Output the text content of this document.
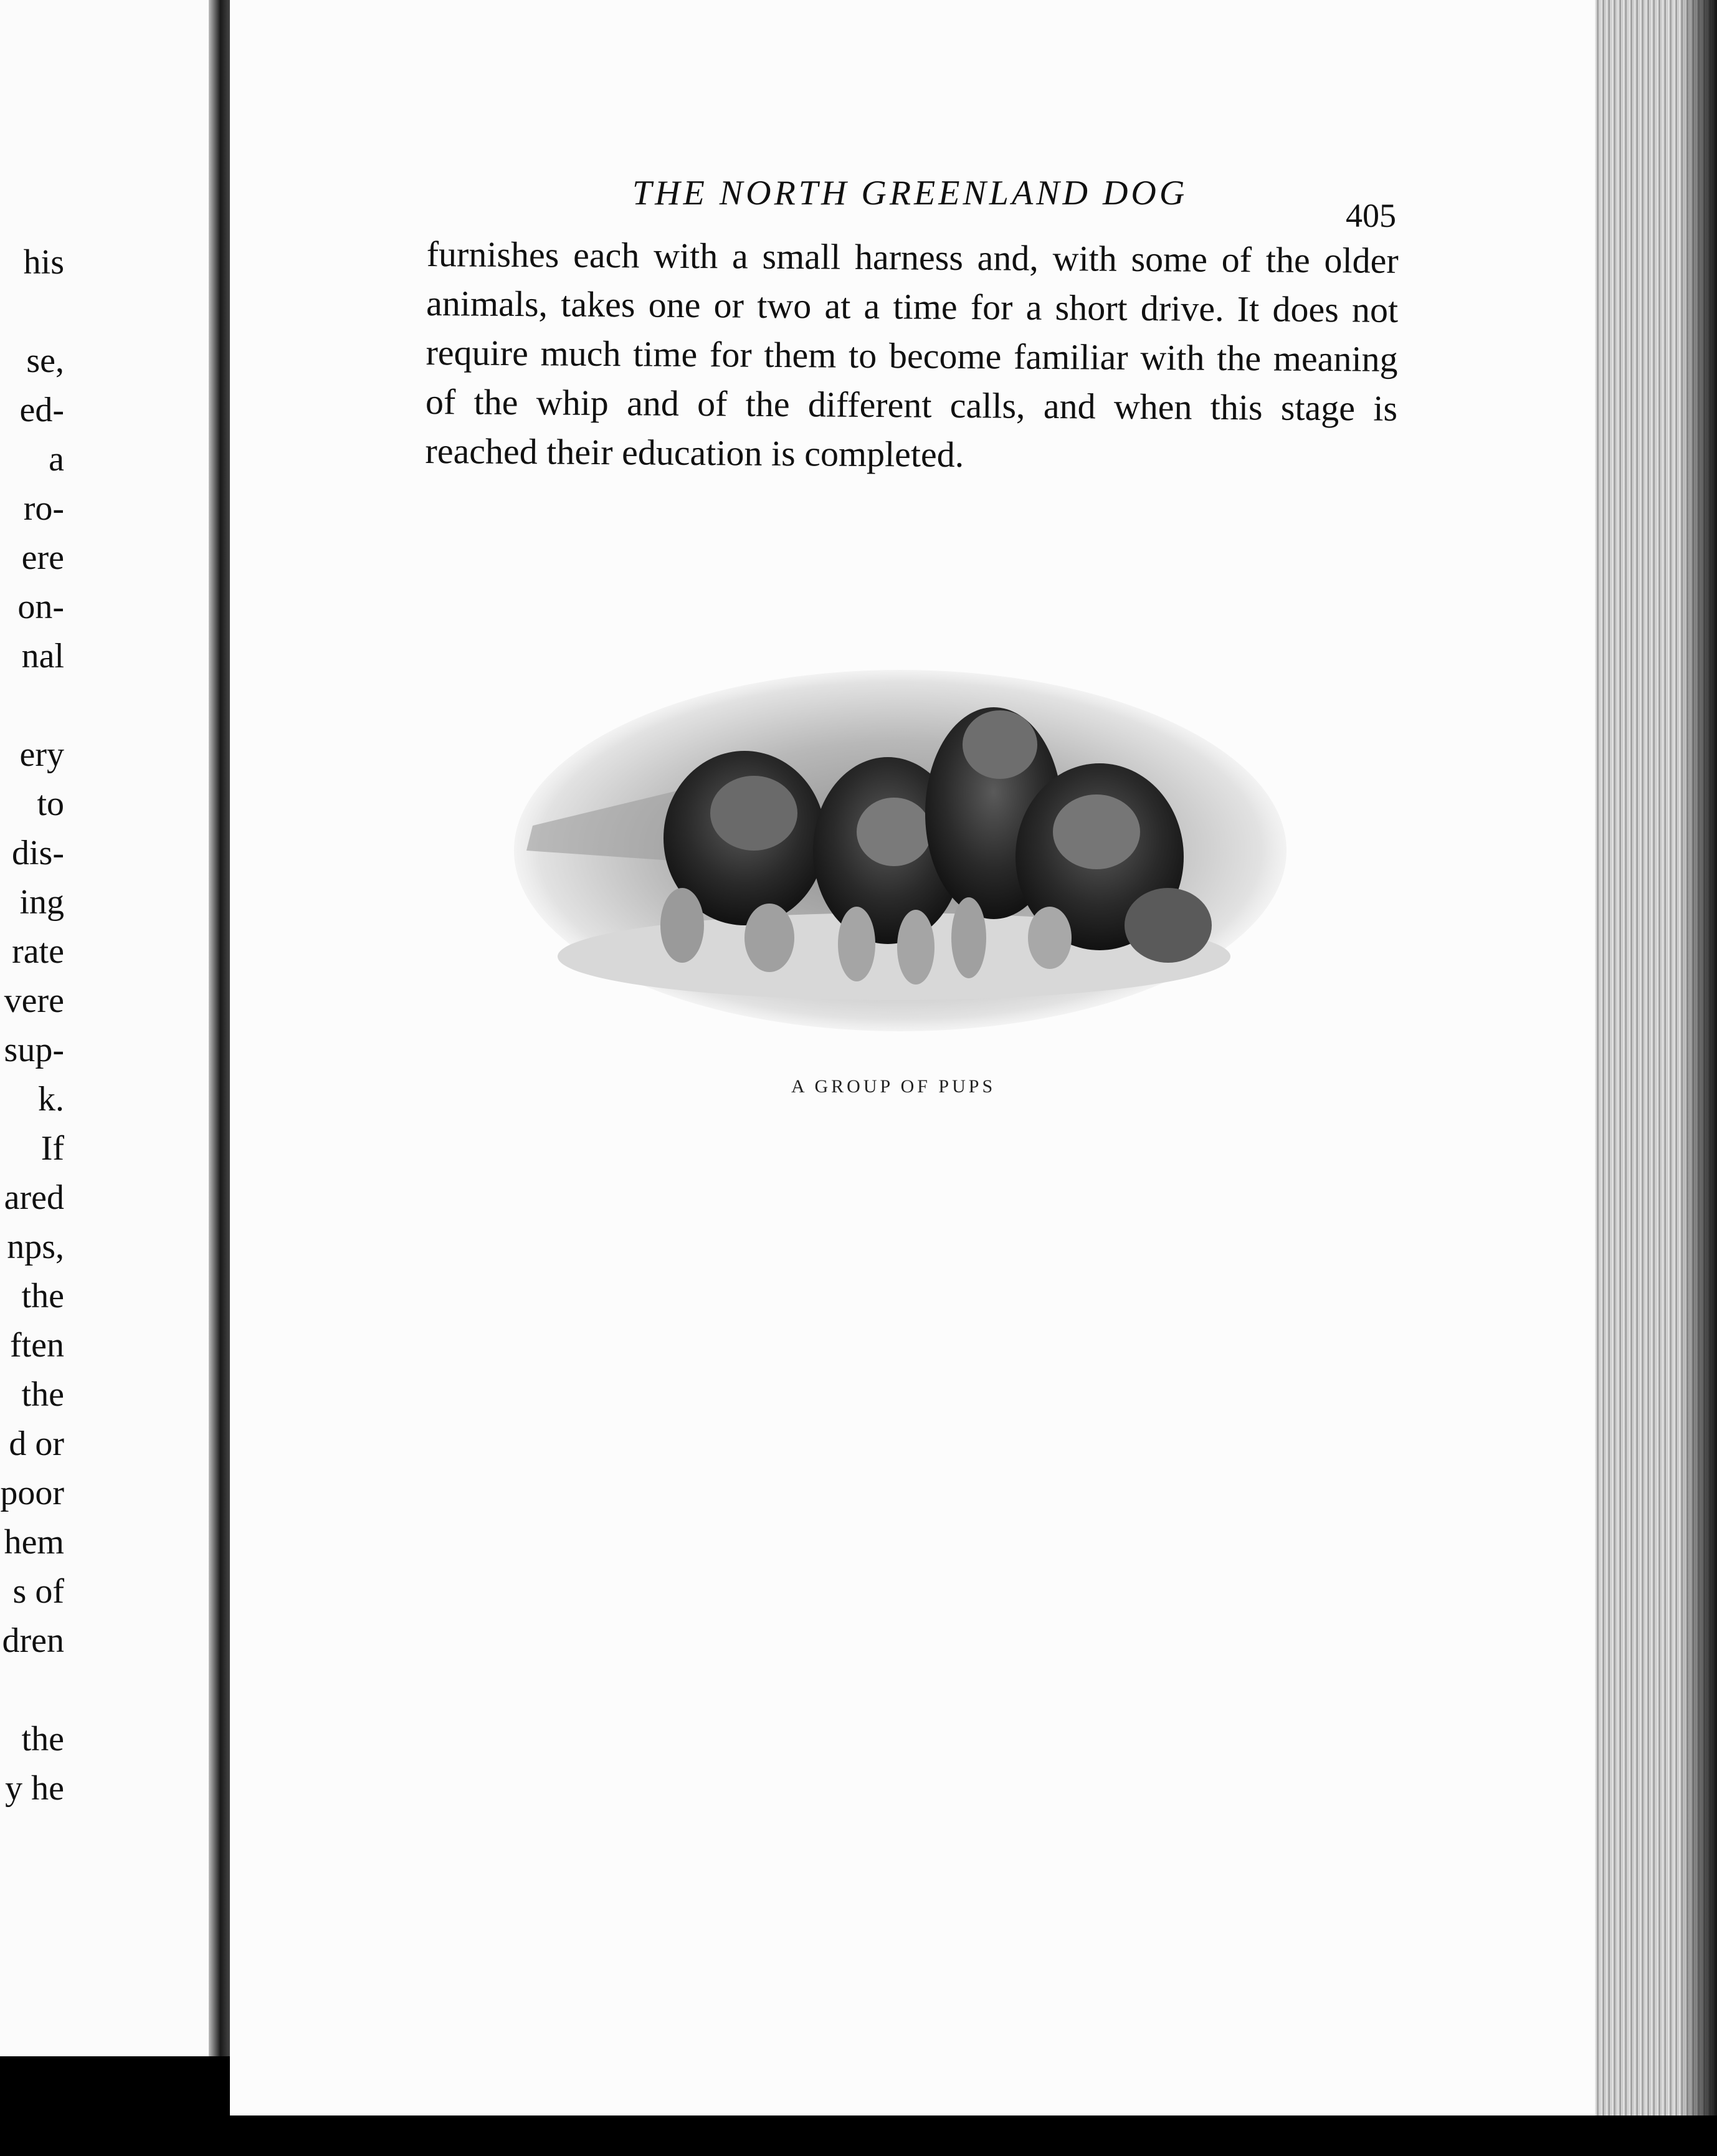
his
se,
ed-
a
ro-
ere
on-
nal
ery
to
dis-
ing
rate
vere
sup-
k.
If
ared
nps,
the
ften
the
d or
poor
hem
s of
dren
the
y he
THE NORTH GREENLAND DOG
405
furnishes each with a small harness and, with some of the older animals, takes one or two at a time for a short drive. It does not require much time for them to become familiar with the meaning of the whip and of the different calls, and when this stage is reached their education is completed.
A GROUP OF PUPS
